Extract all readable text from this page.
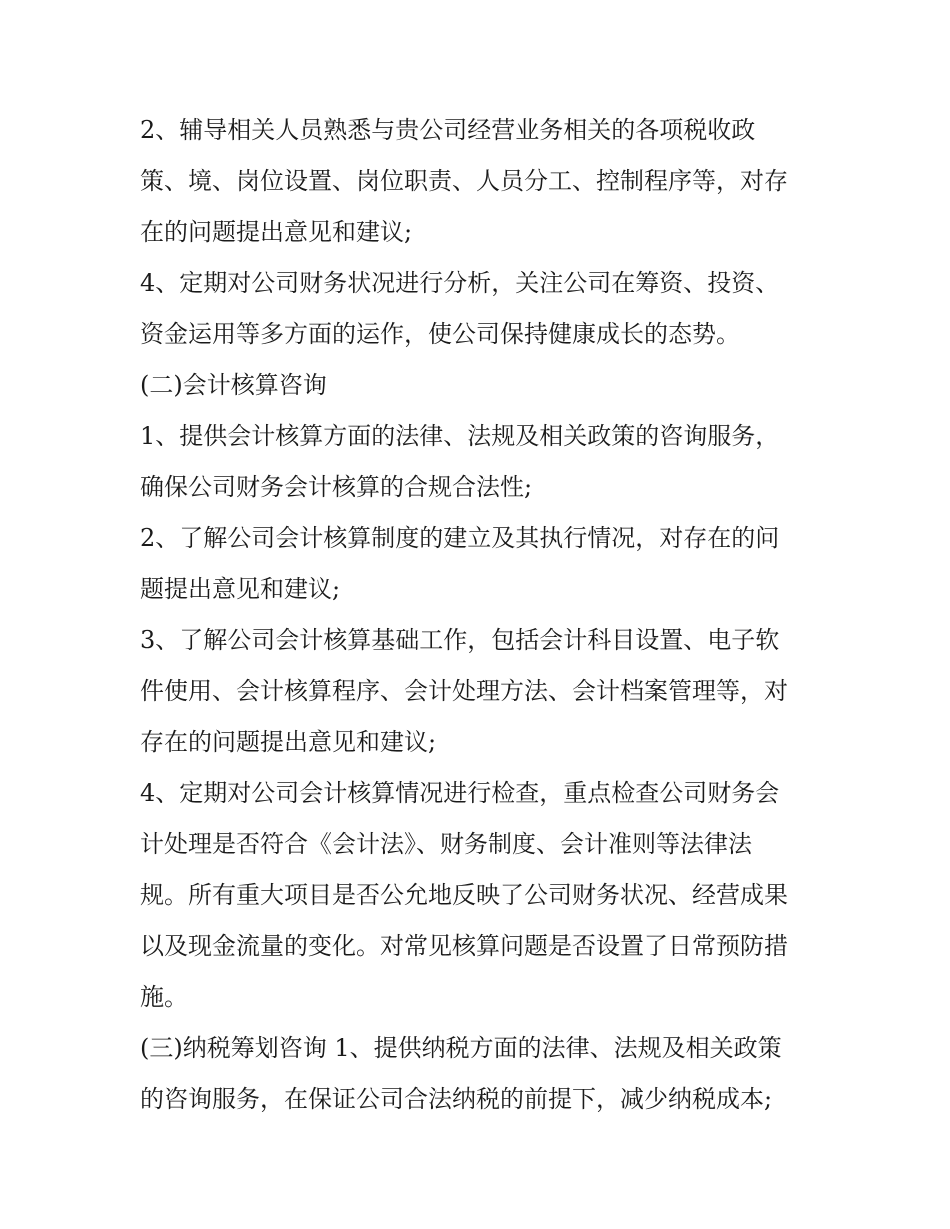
2、辅导相关人员熟悉与贵公司经营业务相关的各项税收政
策、境、岗位设置、岗位职责、人员分工、控制程序等，对存
在的问题提出意见和建议;
4、定期对公司财务状况进行分析，关注公司在筹资、投资、
资金运用等多方面的运作，使公司保持健康成长的态势。
(二)会计核算咨询
1、提供会计核算方面的法律、法规及相关政策的咨询服务，
确保公司财务会计核算的合规合法性;
2、了解公司会计核算制度的建立及其执行情况，对存在的问
题提出意见和建议;
3、了解公司会计核算基础工作，包括会计科目设置、电子软
件使用、会计核算程序、会计处理方法、会计档案管理等，对
存在的问题提出意见和建议;
4、定期对公司会计核算情况进行检查，重点检查公司财务会
计处理是否符合《会计法》、财务制度、会计准则等法律法
规。所有重大项目是否公允地反映了公司财务状况、经营成果
以及现金流量的变化。对常见核算问题是否设置了日常预防措
施。
(三)纳税筹划咨询 1、提供纳税方面的法律、法规及相关政策
的咨询服务，在保证公司合法纳税的前提下，减少纳税成本;
